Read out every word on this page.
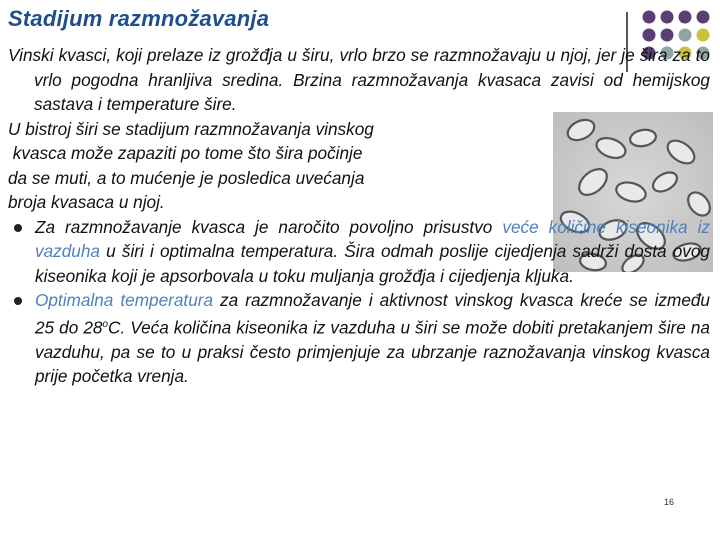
Stadijum razmnožavanja

Vinski kvasci, koji prelaze iz grožđja u širu, vrlo brzo se razmnožavaju u njoj, jer je šira za to vrlo pogodna hranljiva sredina. Brzina razmnožavanja kvasaca zavisi od hemijskog sastava i temperature šire.

U bistroj širi se stadijum razmnožavanja vinskog

kvasca može zapaziti po tome što šira počinje

da se muti, a to mućenje je posledica uvećanja

broja kvasaca u njoj.

Za razmnožavanje kvasca je naročito povoljno prisustvo veće količine kiseonika iz vazduha u širi i optimalna temperatura. Šira odmah poslije cijedjenja sadrži dosta ovog kiseonika koji je apsorbovala u toku muljanja grožđja i cijedjenja kljuka.

Optimalna temperatura za razmnožavanje i aktivnost vinskog kvasca kreće se između 25 do 28$^o$C. Veća količina kiseonika iz vazduha u širi se može dobiti pretakanjem šire na vazduhu, pa se to u praksi često primjenjuje za ubrzanje raznožavanja vinskog kvasca prije početka vrenja.

16
